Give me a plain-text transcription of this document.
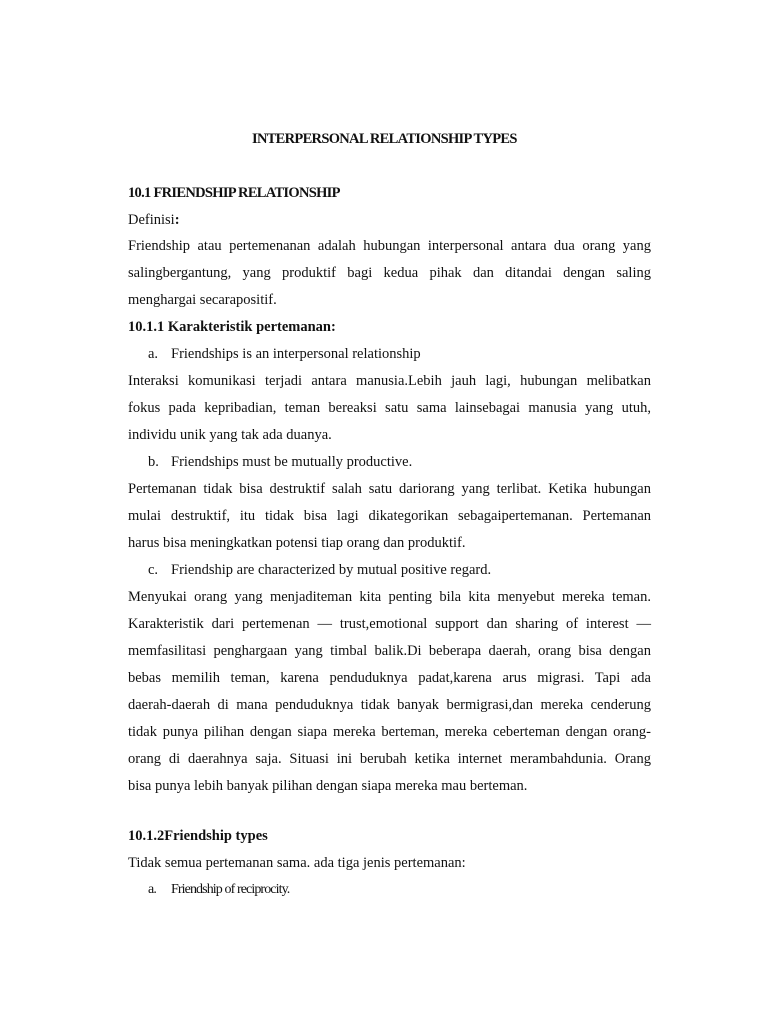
INTERPERSONAL RELATIONSHIP TYPES

10.1 FRIENDSHIP RELATIONSHIP

Definisi:

Friendship atau pertemenanan adalah hubungan interpersonal antara dua orang yang

salingbergantung, yang produktif bagi kedua pihak dan ditandai dengan saling

menghargai secarapositif.

10.1.1 Karakteristik pertemanan:

a. Friendships is an interpersonal relationship

Interaksi komunikasi terjadi antara manusia.Lebih jauh lagi, hubungan melibatkan

fokus pada kepribadian, teman bereaksi satu sama lainsebagai manusia yang utuh,

individu unik yang tak ada duanya.

b. Friendships must be mutually productive.

Pertemanan tidak bisa destruktif salah satu dariorang yang terlibat. Ketika hubungan

mulai destruktif, itu tidak bisa lagi dikategorikan sebagaipertemanan. Pertemanan

harus bisa meningkatkan potensi tiap orang dan produktif.

c. Friendship are characterized by mutual positive regard.

Menyukai orang yang menjaditeman kita penting bila kita menyebut mereka teman.

Karakteristik dari pertemenan — trust,emotional support dan sharing of interest —

memfasilitasi penghargaan yang timbal balik.Di beberapa daerah, orang bisa dengan

bebas memilih teman, karena penduduknya padat,karena arus migrasi. Tapi ada

daerah-daerah di mana penduduknya tidak banyak bermigrasi,dan mereka cenderung

tidak punya pilihan dengan siapa mereka berteman, mereka ceberteman dengan orang-

orang di daerahnya saja. Situasi ini berubah ketika internet merambahdunia. Orang

bisa punya lebih banyak pilihan dengan siapa mereka mau berteman.

10.1.2Friendship types

Tidak semua pertemanan sama. ada tiga jenis pertemanan:

a. Friendship of reciprocity.
